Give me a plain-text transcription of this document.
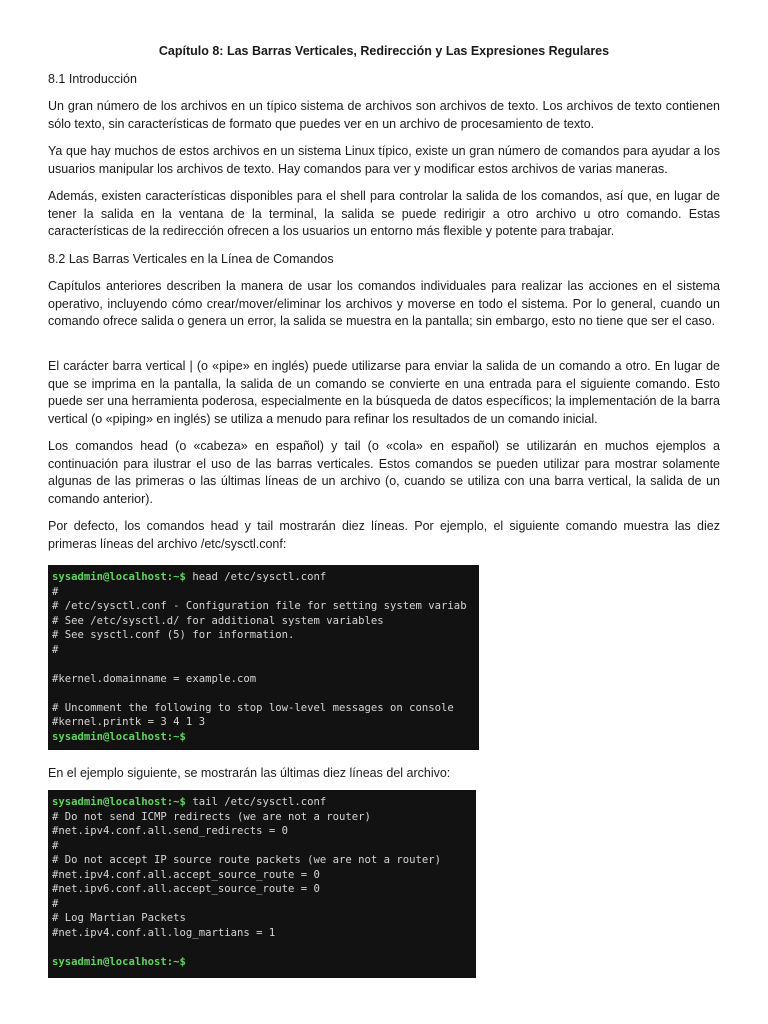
Capítulo 8: Las Barras Verticales, Redirección y Las Expresiones Regulares
8.1 Introducción

Un gran número de los archivos en un típico sistema de archivos son archivos de texto. Los archivos de texto contienen sólo texto, sin características de formato que puedes ver en un archivo de procesamiento de texto.

Ya que hay muchos de estos archivos en un sistema Linux típico, existe un gran número de comandos para ayudar a los usuarios manipular los archivos de texto. Hay comandos para ver y modificar estos archivos de varias maneras.

Además, existen características disponibles para el shell para controlar la salida de los comandos, así que, en lugar de tener la salida en la ventana de la terminal, la salida se puede redirigir a otro archivo u otro comando. Estas características de la redirección ofrecen a los usuarios un entorno más flexible y potente para trabajar.

8.2 Las Barras Verticales en la Línea de Comandos

Capítulos anteriores describen la manera de usar los comandos individuales para realizar las acciones en el sistema operativo, incluyendo cómo crear/mover/eliminar los archivos y moverse en todo el sistema. Por lo general, cuando un comando ofrece salida o genera un error, la salida se muestra en la pantalla; sin embargo, esto no tiene que ser el caso.

El carácter barra vertical | (o «pipe» en inglés) puede utilizarse para enviar la salida de un comando a otro. En lugar de que se imprima en la pantalla, la salida de un comando se convierte en una entrada para el siguiente comando. Esto puede ser una herramienta poderosa, especialmente en la búsqueda de datos específicos; la implementación de la barra vertical (o «piping» en inglés) se utiliza a menudo para refinar los resultados de un comando inicial.

Los comandos head (o «cabeza» en español) y tail (o «cola» en español) se utilizarán en muchos ejemplos a continuación para ilustrar el uso de las barras verticales. Estos comandos se pueden utilizar para mostrar solamente algunas de las primeras o las últimas líneas de un archivo (o, cuando se utiliza con una barra vertical, la salida de un comando anterior).

Por defecto, los comandos head y tail mostrarán diez líneas. Por ejemplo, el siguiente comando muestra las diez primeras líneas del archivo /etc/sysctl.conf:

sysadmin@localhost:~$ head /etc/sysctl.conf
#
# /etc/sysctl.conf - Configuration file for setting system variab
# See /etc/sysctl.d/ for additional system variables
# See sysctl.conf (5) for information.
#
#kernel.domainname = example.com
# Uncomment the following to stop low-level messages on console
#kernel.printk = 3 4 1 3
sysadmin@localhost:~$

En el ejemplo siguiente, se mostrarán las últimas diez líneas del archivo:

sysadmin@localhost:~$ tail /etc/sysctl.conf
# Do not send ICMP redirects (we are not a router)
#net.ipv4.conf.all.send_redirects = 0
#
# Do not accept IP source route packets (we are not a router)
#net.ipv4.conf.all.accept_source_route = 0
#net.ipv6.conf.all.accept_source_route = 0
#
# Log Martian Packets
#net.ipv4.conf.all.log_martians = 1
sysadmin@localhost:~$
